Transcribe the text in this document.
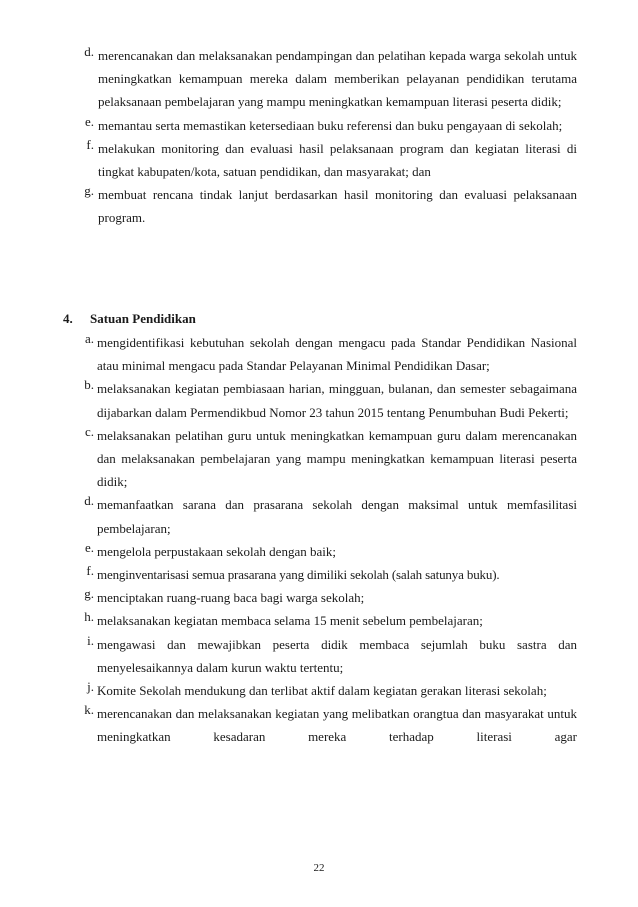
d. merencanakan dan melaksanakan pendampingan dan pelatihan kepada warga sekolah untuk meningkatkan kemampuan mereka dalam memberikan pelayanan pendidikan terutama pelaksanaan pembelajaran yang mampu meningkatkan kemampuan literasi peserta didik;
e. memantau serta memastikan ketersediaan buku referensi dan buku pengayaan di sekolah;
f. melakukan monitoring dan evaluasi hasil pelaksanaan program dan kegiatan literasi di tingkat kabupaten/kota, satuan pendidikan, dan masyarakat; dan
g. membuat rencana tindak lanjut berdasarkan hasil monitoring dan evaluasi pelaksanaan program.
4. Satuan Pendidikan
a. mengidentifikasi kebutuhan sekolah dengan mengacu pada Standar Pendidikan Nasional atau minimal mengacu pada Standar Pelayanan Minimal Pendidikan Dasar;
b. melaksanakan kegiatan pembiasaan harian, mingguan, bulanan, dan semester sebagaimana dijabarkan dalam Permendikbud Nomor 23 tahun 2015 tentang Penumbuhan Budi Pekerti;
c. melaksanakan pelatihan guru untuk meningkatkan kemampuan guru dalam merencanakan dan melaksanakan pembelajaran yang mampu meningkatkan kemampuan literasi peserta didik;
d. memanfaatkan sarana dan prasarana sekolah dengan maksimal untuk memfasilitasi pembelajaran;
e. mengelola perpustakaan sekolah dengan baik;
f. menginventarisasi semua prasarana yang dimiliki sekolah (salah satunya buku).
g. menciptakan ruang-ruang baca bagi warga sekolah;
h. melaksanakan kegiatan membaca selama 15 menit sebelum pembelajaran;
i. mengawasi dan mewajibkan peserta didik membaca sejumlah buku sastra dan menyelesaikannya dalam kurun waktu tertentu;
j. Komite Sekolah mendukung dan terlibat aktif dalam kegiatan gerakan literasi sekolah;
k. merencanakan dan melaksanakan kegiatan yang melibatkan orangtua dan masyarakat untuk meningkatkan kesadaran mereka terhadap literasi agar
22
